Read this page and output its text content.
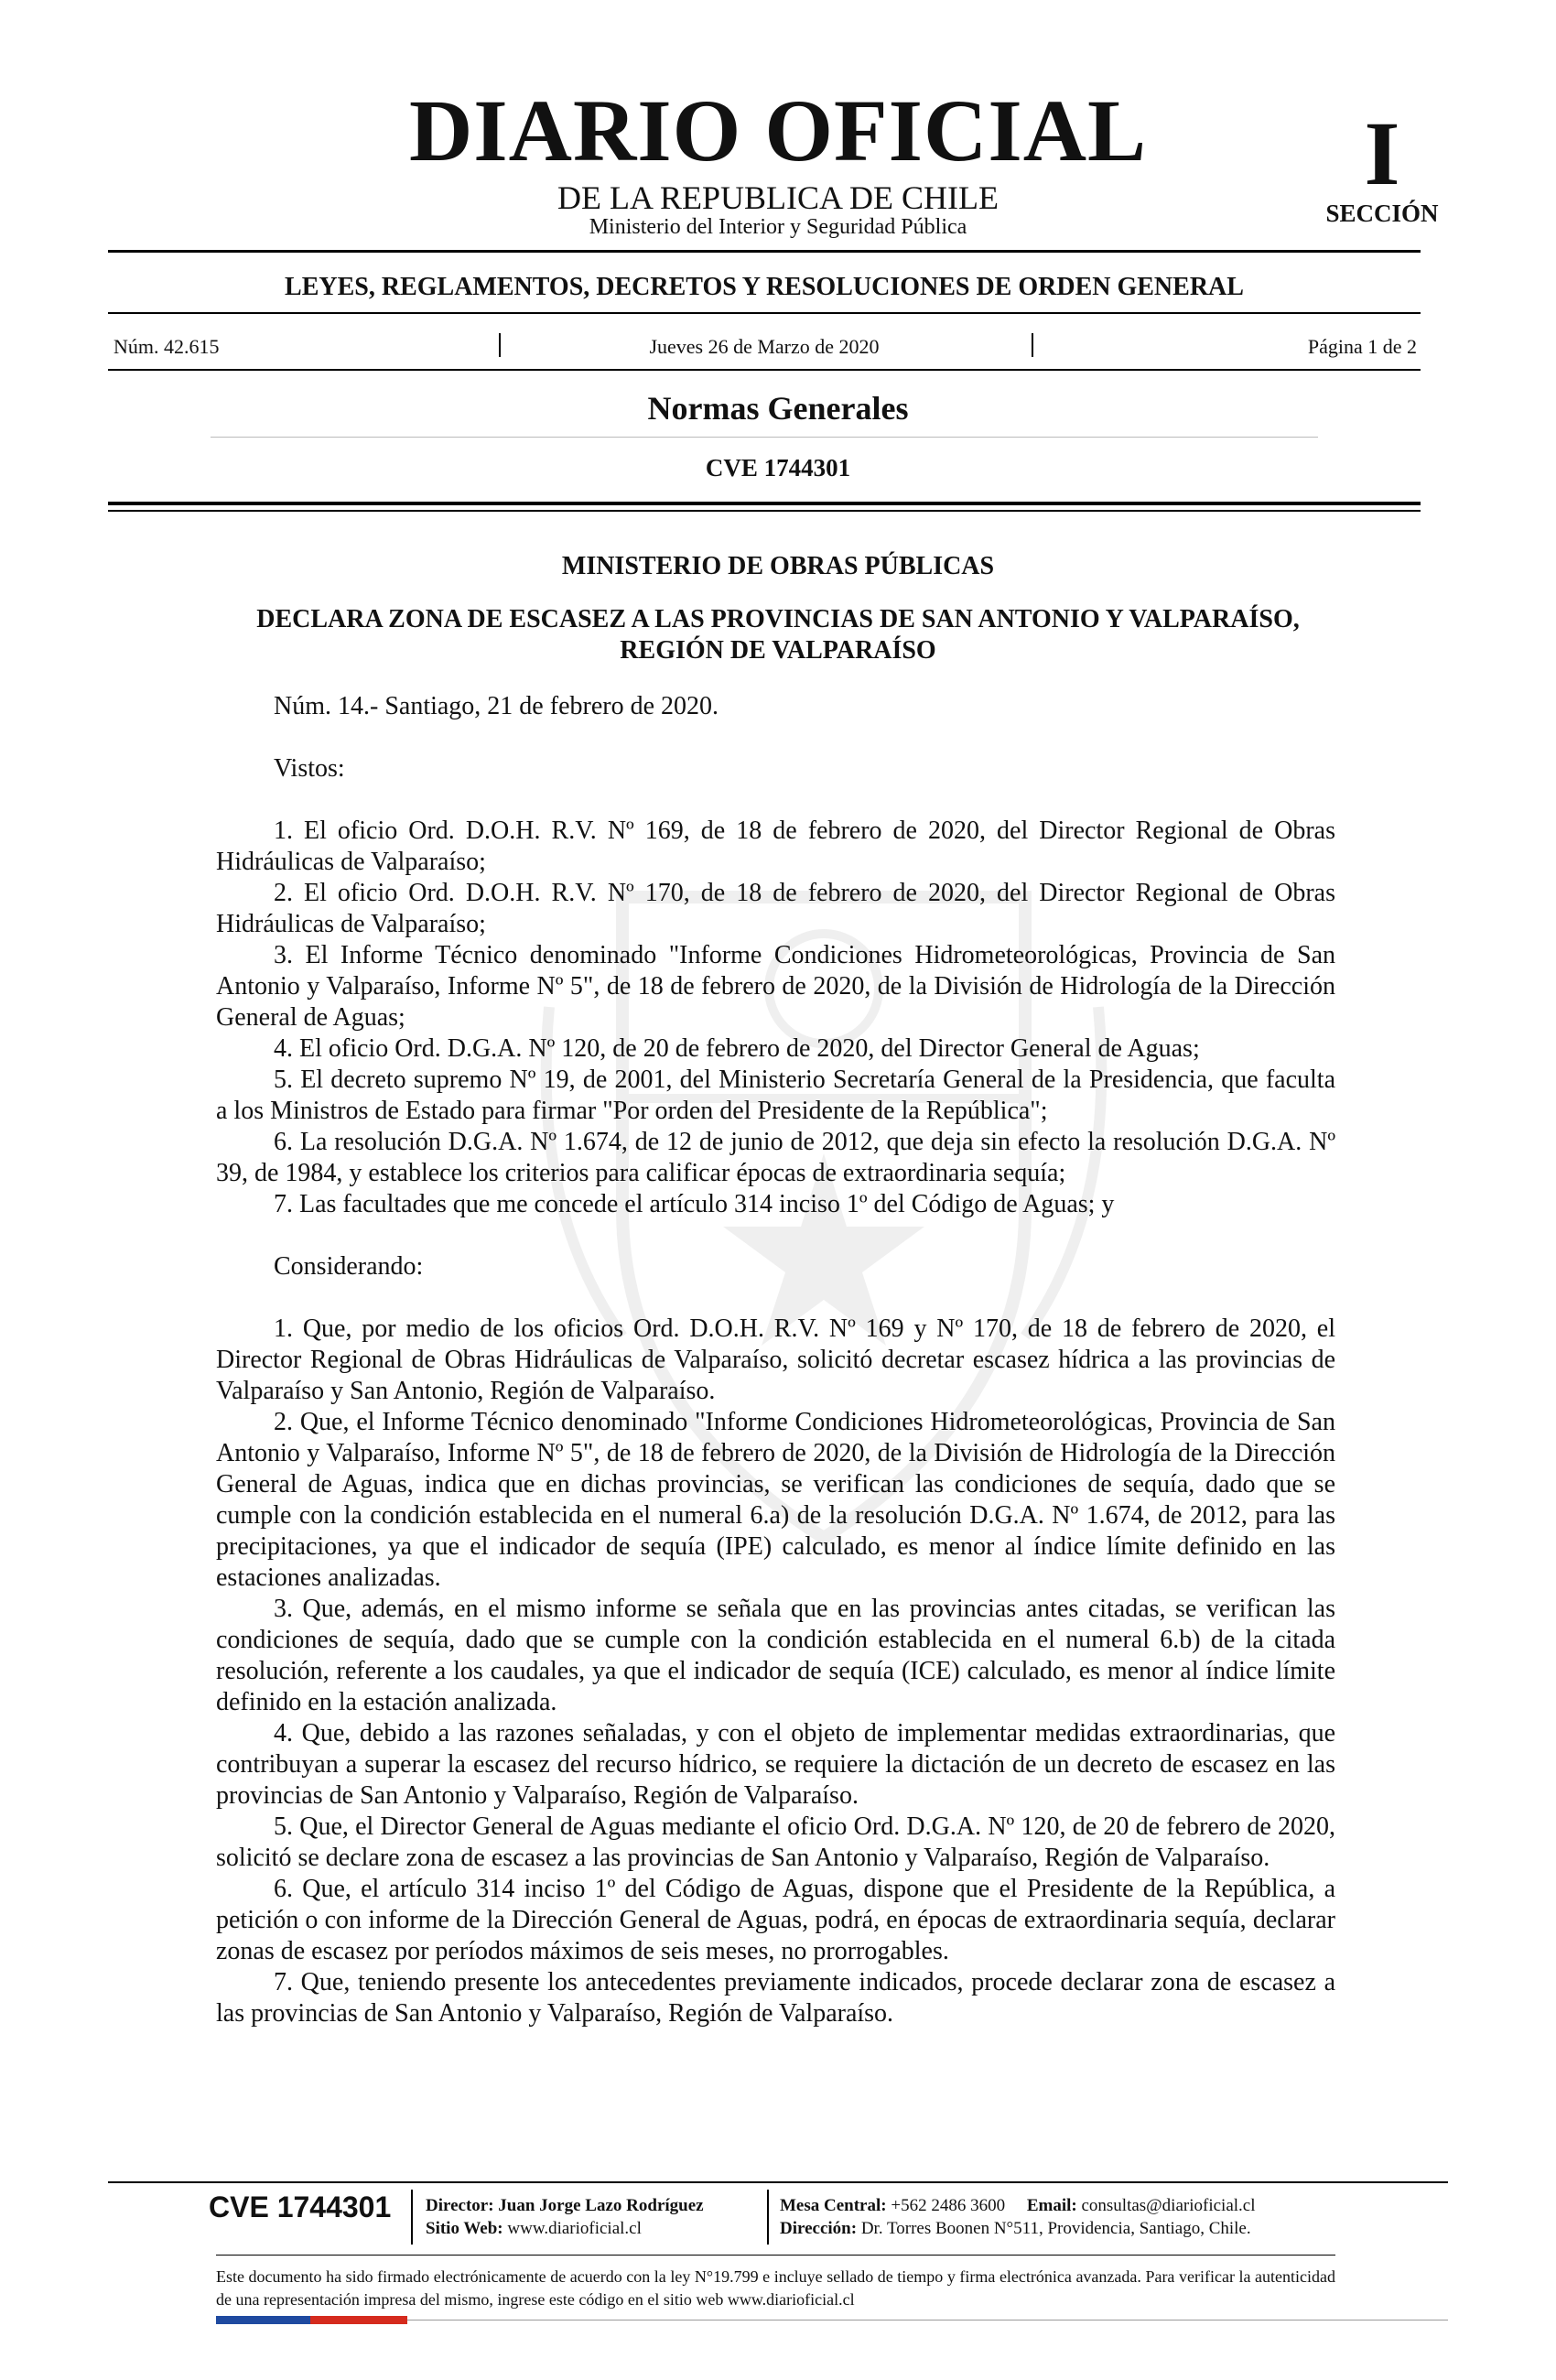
DIARIO OFICIAL
DE LA REPUBLICA DE CHILE
Ministerio del Interior y Seguridad Pública
I
SECCIÓN
LEYES, REGLAMENTOS, DECRETOS Y RESOLUCIONES DE ORDEN GENERAL
Núm. 42.615	Jueves 26 de Marzo de 2020	Página 1 de 2
Normas Generales
CVE 1744301
MINISTERIO DE OBRAS PÚBLICAS
DECLARA ZONA DE ESCASEZ A LAS PROVINCIAS DE SAN ANTONIO Y VALPARAÍSO, REGIÓN DE VALPARAÍSO

Núm. 14.- Santiago, 21 de febrero de 2020.

Vistos:

1. El oficio Ord. D.O.H. R.V. Nº 169, de 18 de febrero de 2020, del Director Regional de Obras Hidráulicas de Valparaíso;

2. El oficio Ord. D.O.H. R.V. Nº 170, de 18 de febrero de 2020, del Director Regional de Obras Hidráulicas de Valparaíso;

3. El Informe Técnico denominado "Informe Condiciones Hidrometeorológicas, Provincia de San Antonio y Valparaíso, Informe Nº 5", de 18 de febrero de 2020, de la División de Hidrología de la Dirección General de Aguas;

4. El oficio Ord. D.G.A. Nº 120, de 20 de febrero de 2020, del Director General de Aguas;

5. El decreto supremo Nº 19, de 2001, del Ministerio Secretaría General de la Presidencia, que faculta a los Ministros de Estado para firmar "Por orden del Presidente de la República";

6. La resolución D.G.A. Nº 1.674, de 12 de junio de 2012, que deja sin efecto la resolución D.G.A. Nº 39, de 1984, y establece los criterios para calificar épocas de extraordinaria sequía;

7. Las facultades que me concede el artículo 314 inciso 1º del Código de Aguas; y

Considerando:

1. Que, por medio de los oficios Ord. D.O.H. R.V. Nº 169 y Nº 170, de 18 de febrero de 2020, el Director Regional de Obras Hidráulicas de Valparaíso, solicitó decretar escasez hídrica a las provincias de Valparaíso y San Antonio, Región de Valparaíso.

2. Que, el Informe Técnico denominado "Informe Condiciones Hidrometeorológicas, Provincia de San Antonio y Valparaíso, Informe Nº 5", de 18 de febrero de 2020, de la División de Hidrología de la Dirección General de Aguas, indica que en dichas provincias, se verifican las condiciones de sequía, dado que se cumple con la condición establecida en el numeral 6.a) de la resolución D.G.A. Nº 1.674, de 2012, para las precipitaciones, ya que el indicador de sequía (IPE) calculado, es menor al índice límite definido en las estaciones analizadas.

3. Que, además, en el mismo informe se señala que en las provincias antes citadas, se verifican las condiciones de sequía, dado que se cumple con la condición establecida en el numeral 6.b) de la citada resolución, referente a los caudales, ya que el indicador de sequía (ICE) calculado, es menor al índice límite definido en la estación analizada.

4. Que, debido a las razones señaladas, y con el objeto de implementar medidas extraordinarias, que contribuyan a superar la escasez del recurso hídrico, se requiere la dictación de un decreto de escasez en las provincias de San Antonio y Valparaíso, Región de Valparaíso.

5. Que, el Director General de Aguas mediante el oficio Ord. D.G.A. Nº 120, de 20 de febrero de 2020, solicitó se declare zona de escasez a las provincias de San Antonio y Valparaíso, Región de Valparaíso.

6. Que, el artículo 314 inciso 1º del Código de Aguas, dispone que el Presidente de la República, a petición o con informe de la Dirección General de Aguas, podrá, en épocas de extraordinaria sequía, declarar zonas de escasez por períodos máximos de seis meses, no prorrogables.

7. Que, teniendo presente los antecedentes previamente indicados, procede declarar zona de escasez a las provincias de San Antonio y Valparaíso, Región de Valparaíso.

CVE 1744301 Director: Juan Jorge Lazo Rodríguez
Sitio Web: www.diarioficial.cl
Mesa Central: +562 2486 3600 Email: consultas@diarioficial.cl
Dirección: Dr. Torres Boonen N°511, Providencia, Santiago, Chile.
Este documento ha sido firmado electrónicamente de acuerdo con la ley N°19.799 e incluye sellado de tiempo y firma electrónica avanzada. Para verificar la autenticidad de una representación impresa del mismo, ingrese este código en el sitio web www.diarioficial.cl
